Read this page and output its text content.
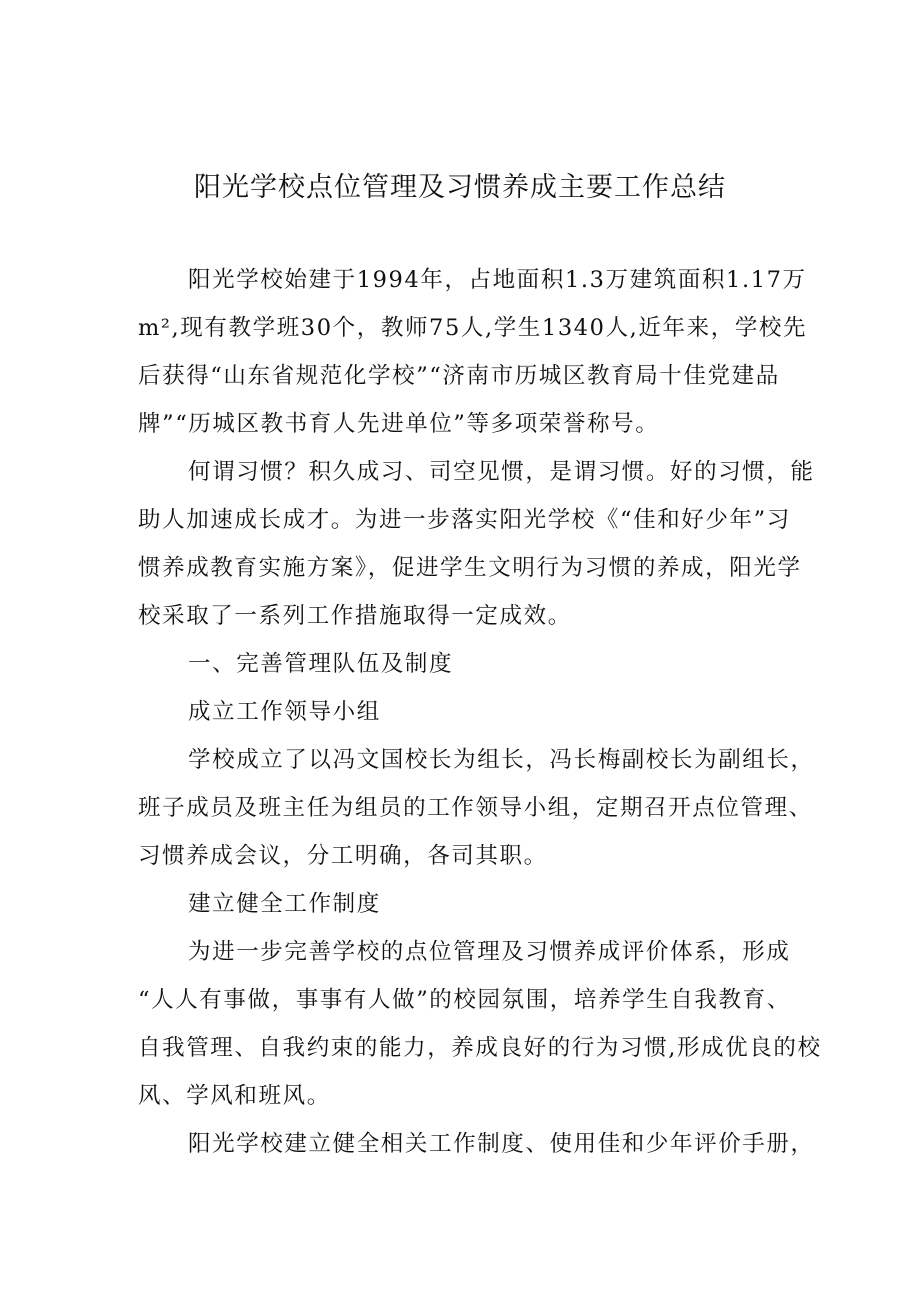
阳光学校点位管理及习惯养成主要工作总结
阳光学校始建于1994年，占地面积1.3万建筑面积1.17万
m²,现有教学班30个，教师75人,学生1340人,近年来，学校先
后获得“山东省规范化学校”“济南市历城区教育局十佳党建品
牌”“历城区教书育人先进单位”等多项荣誉称号。
何谓习惯？积久成习、司空见惯，是谓习惯。好的习惯，能
助人加速成长成才。为进一步落实阳光学校《“佳和好少年”习
惯养成教育实施方案》，促进学生文明行为习惯的养成，阳光学
校采取了一系列工作措施取得一定成效。
一、完善管理队伍及制度
成立工作领导小组
学校成立了以冯文国校长为组长，冯长梅副校长为副组长，
班子成员及班主任为组员的工作领导小组，定期召开点位管理、
习惯养成会议，分工明确，各司其职。
建立健全工作制度
为进一步完善学校的点位管理及习惯养成评价体系，形成
“人人有事做，事事有人做”的校园氛围，培养学生自我教育、
自我管理、自我约束的能力，养成良好的行为习惯,形成优良的校
风、学风和班风。
阳光学校建立健全相关工作制度、使用佳和少年评价手册，
